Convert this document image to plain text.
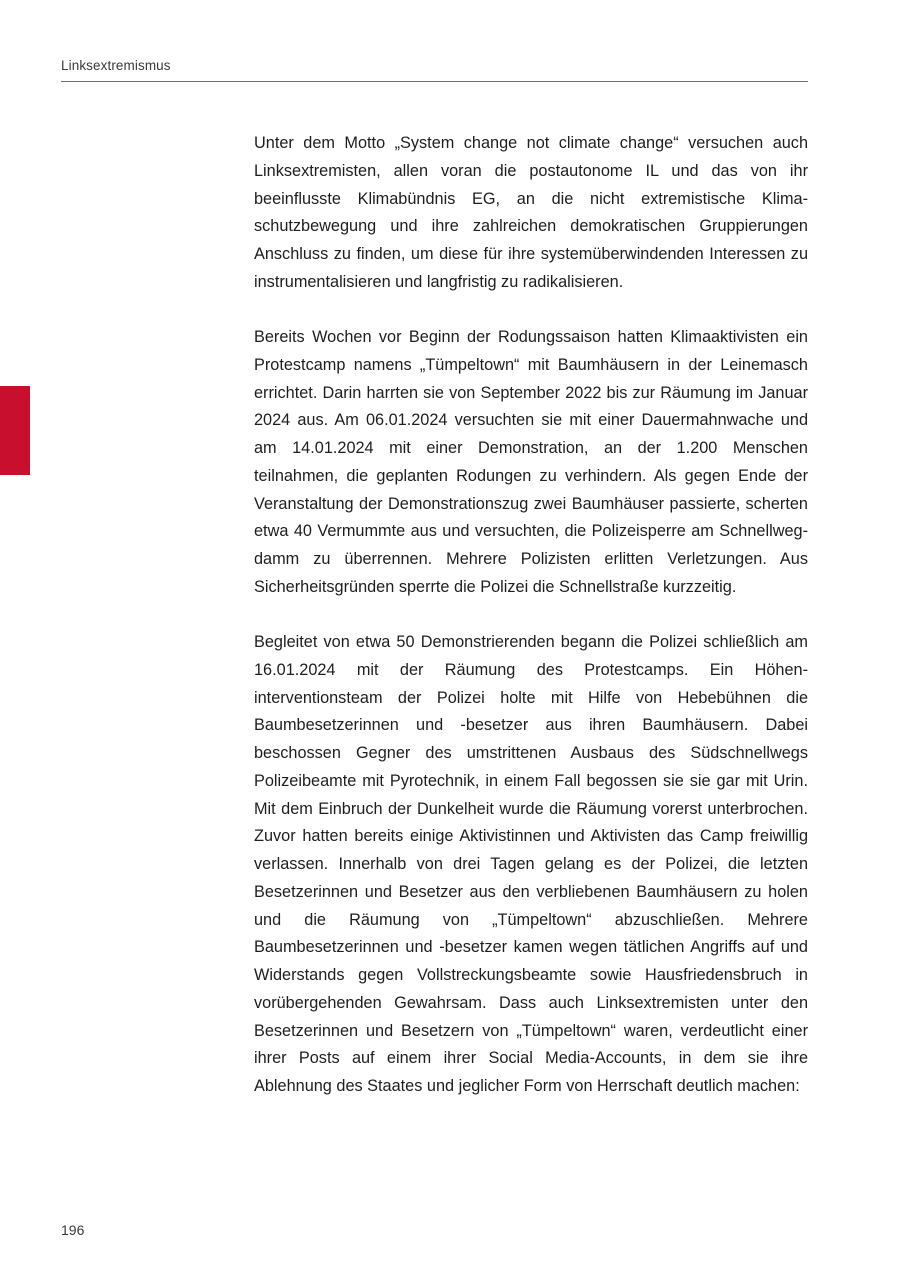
Linksextremismus

Unter dem Motto „System change not climate change“ versuchen auch Linksextremisten, allen voran die postautonome IL und das von ihr beeinflusste Klimabündnis EG, an die nicht extremistische Klimaschutzbewegung und ihre zahlreichen demokratischen Gruppierungen Anschluss zu finden, um diese für ihre systemüberwindenden Interessen zu instrumentalisieren und langfristig zu radikalisieren.

Bereits Wochen vor Beginn der Rodungssaison hatten Klimaaktivisten ein Protestcamp namens „Tümpeltown“ mit Baumhäusern in der Leinemasch errichtet. Darin harrten sie von September 2022 bis zur Räumung im Januar 2024 aus. Am 06.01.2024 versuchten sie mit einer Dauermahnwache und am 14.01.2024 mit einer Demonstration, an der 1.200 Menschen teilnahmen, die geplanten Rodungen zu verhindern. Als gegen Ende der Veranstaltung der Demonstrationszug zwei Baumhäuser passierte, scherten etwa 40 Vermummte aus und versuchten, die Polizeisperre am Schnellwegdamm zu überrennen. Mehrere Polizisten erlitten Verletzungen. Aus Sicherheitsgründen sperrte die Polizei die Schnellstraße kurzzeitig.

Begleitet von etwa 50 Demonstrierenden begann die Polizei schließlich am 16.01.2024 mit der Räumung des Protestcamps. Ein Höheninterventionsteam der Polizei holte mit Hilfe von Hebebühnen die Baumbesetzerinnen und -besetzer aus ihren Baumhäusern. Dabei beschossen Gegner des umstrittenen Ausbaus des Südschnellwegs Polizeibeamte mit Pyrotechnik, in einem Fall begossen sie sie gar mit Urin. Mit dem Einbruch der Dunkelheit wurde die Räumung vorerst unterbrochen. Zuvor hatten bereits einige Aktivistinnen und Aktivisten das Camp freiwillig verlassen. Innerhalb von drei Tagen gelang es der Polizei, die letzten Besetzerinnen und Besetzer aus den verbliebenen Baumhäusern zu holen und die Räumung von „Tümpeltown“ abzuschließen. Mehrere Baumbesetzerinnen und -besetzer kamen wegen tätlichen Angriffs auf und Widerstands gegen Vollstreckungsbeamte sowie Hausfriedensbruch in vorübergehenden Gewahrsam. Dass auch Linksextremisten unter den Besetzerinnen und Besetzern von „Tümpeltown“ waren, verdeutlicht einer ihrer Posts auf einem ihrer Social Media-Accounts, in dem sie ihre Ablehnung des Staates und jeglicher Form von Herrschaft deutlich machen:

196
